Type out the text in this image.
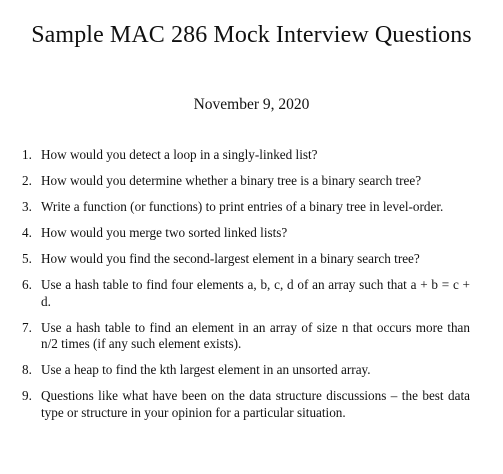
Sample MAC 286 Mock Interview Questions
November 9, 2020
1. How would you detect a loop in a singly-linked list?
2. How would you determine whether a binary tree is a binary search tree?
3. Write a function (or functions) to print entries of a binary tree in level-order.
4. How would you merge two sorted linked lists?
5. How would you find the second-largest element in a binary search tree?
6. Use a hash table to find four elements a, b, c, d of an array such that a + b = c + d.
7. Use a hash table to find an element in an array of size n that occurs more than n/2 times (if any such element exists).
8. Use a heap to find the kth largest element in an unsorted array.
9. Questions like what have been on the data structure discussions – the best data type or structure in your opinion for a particular situation.
